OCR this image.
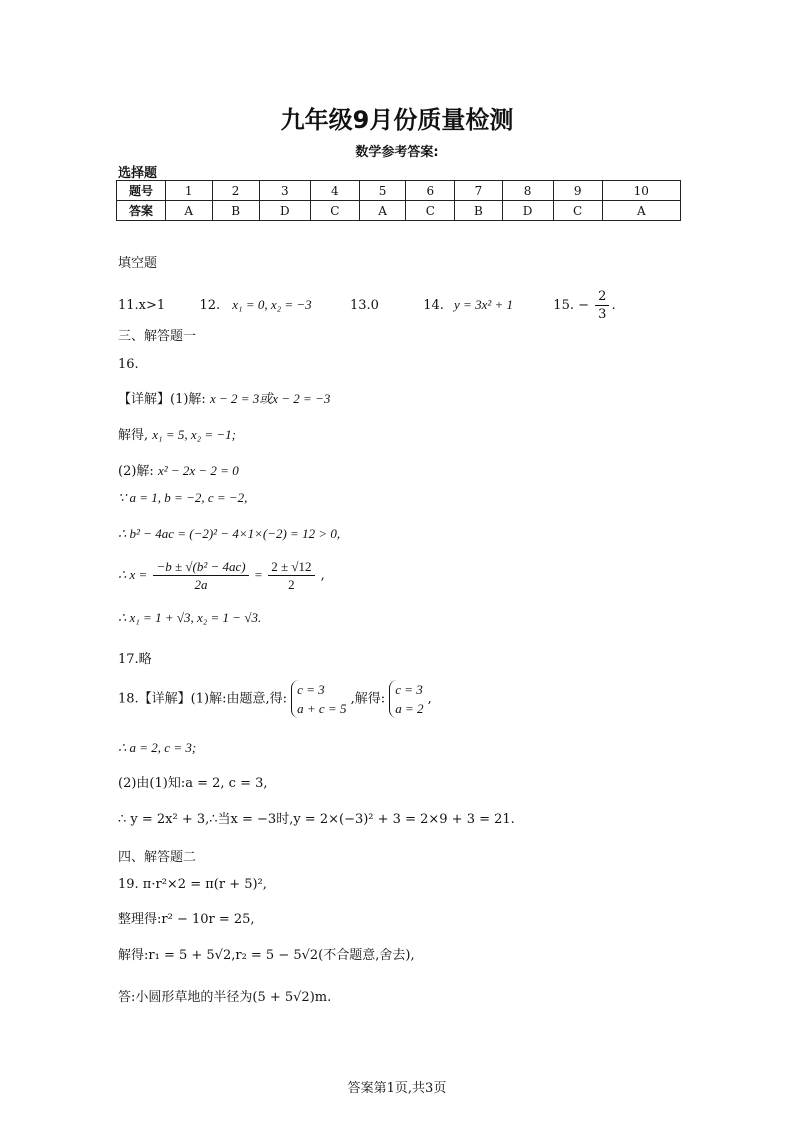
九年级9月份质量检测
数学参考答案:
选择题
题号	1	2	3	4	5	6	7	8	9	10
答案	A	B	D	C	A	C	B	D	C	A
填空题
11.x>1	12. x₁ = 0, x₂ = −3	13.0	14. y = 3x² + 1	15. − $\frac{2}{3}$ .
三、解答题一
16.
【详解】(1)解: x − 2 = 3或x − 2 = −3
解得, x₁ = 5, x₂ = −1;
(2)解: x² − 2x − 2 = 0
∵ a = 1, b = −2, c = −2,
∴ b² − 4ac = (−2)² − 4×1×(−2) = 12 > 0,
∴ $x = \frac{\text{−b ± √(b² − 4ac)}}{2a} = \frac{2 \pm √12}{2}$ ,
∴ x₁ = 1 + √3, x₂ = 1 − √3.
17.略
18.【详解】(1)解:由题意,得:
c = 3
a + c = 5
,解得:
c = 3
a = 2
,
∴ a = 2, c = 3;
(2)由(1)知:a = 2, c = 3,
∴ y = 2x² + 3,∴当x = −3时,y = 2×(−3)² + 3 = 2×9 + 3 = 21.
四、解答题二
19. π·r²×2 = π(r + 5)²,
整理得:r² − 10r = 25,
解得:r₁ = 5 + 5√2,r₂ = 5 − 5√2(不合题意,舍去),
答:小圆形草地的半径为(5 + 5√2)m.
答案第1页,共3页
